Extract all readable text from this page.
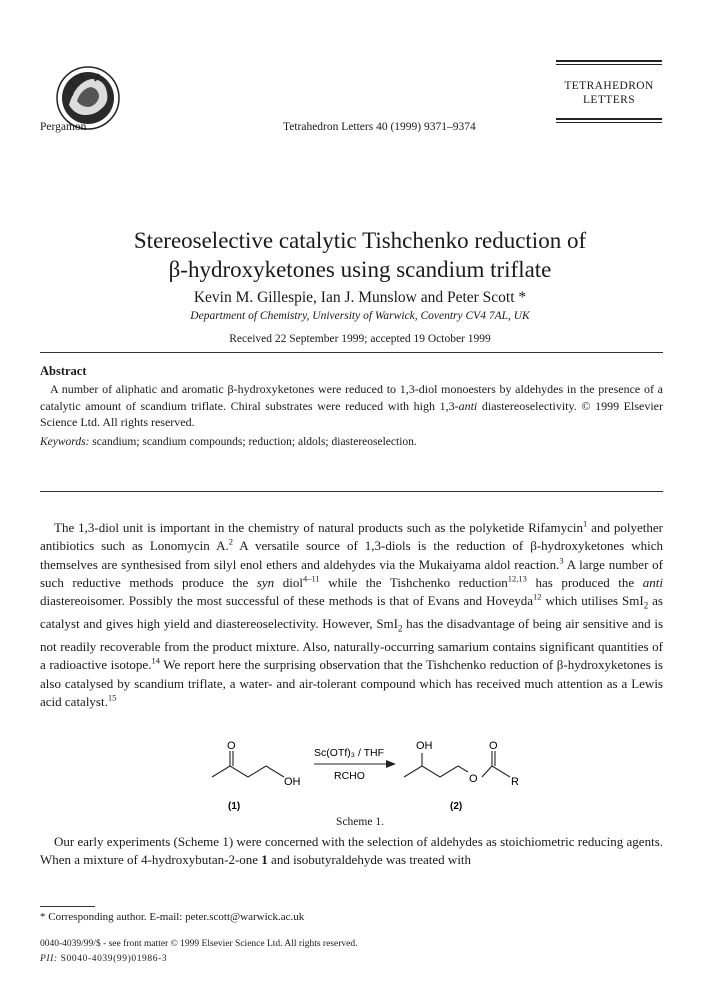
Pergamon	Tetrahedron Letters 40 (1999) 9371–9374
TETRAHEDRON
LETTERS
Stereoselective catalytic Tishchenko reduction of
β-hydroxyketones using scandium triflate
Kevin M. Gillespie, Ian J. Munslow and Peter Scott *
Department of Chemistry, University of Warwick, Coventry CV4 7AL, UK
Received 22 September 1999; accepted 19 October 1999
Abstract
A number of aliphatic and aromatic β-hydroxyketones were reduced to 1,3-diol monoesters by aldehydes in the presence of a catalytic amount of scandium triflate. Chiral substrates were reduced with high 1,3-anti diastereoselectivity. © 1999 Elsevier Science Ltd. All rights reserved.
Keywords: scandium; scandium compounds; reduction; aldols; diastereoselection.
The 1,3-diol unit is important in the chemistry of natural products such as the polyketide Rifamycin$^1$ and polyether antibiotics such as Lonomycin A.$^2$ A versatile source of 1,3-diols is the reduction of β-hydroxyketones which themselves are synthesised from silyl enol ethers and aldehydes via the Mukaiyama aldol reaction.$^3$ A large number of such reductive methods produce the syn diol$^{4-11}$ while the Tishchenko reduction$^{12,13}$ has produced the anti diastereoisomer. Possibly the most successful of these methods is that of Evans and Hoveyda$^{12}$ which utilises SmI$_2$ as catalyst and gives high yield and diastereoselectivity. However, SmI$_2$ has the disadvantage of being air sensitive and is not readily recoverable from the product mixture. Also, naturally-occurring samarium contains significant quantities of a radioactive isotope.$^{14}$ We report here the surprising observation that the Tishchenko reduction of β-hydroxyketones is also catalysed by scandium triflate, a water- and air-tolerant compound which has received much attention as a Lewis acid catalyst.$^{15}$
O
OH
(1)
Sc(OTf)₃ / THF
RCHO
OH
O
O
R
(2)
Scheme 1.
Our early experiments (Scheme 1) were concerned with the selection of aldehydes as stoichiometric reducing agents. When a mixture of 4-hydroxybutan-2-one 1 and isobutyraldehyde was treated with
* Corresponding author. E-mail: peter.scott@warwick.ac.uk
0040-4039/99/$ - see front matter © 1999 Elsevier Science Ltd. All rights reserved.
PII: S0040-4039(99)01986-3
